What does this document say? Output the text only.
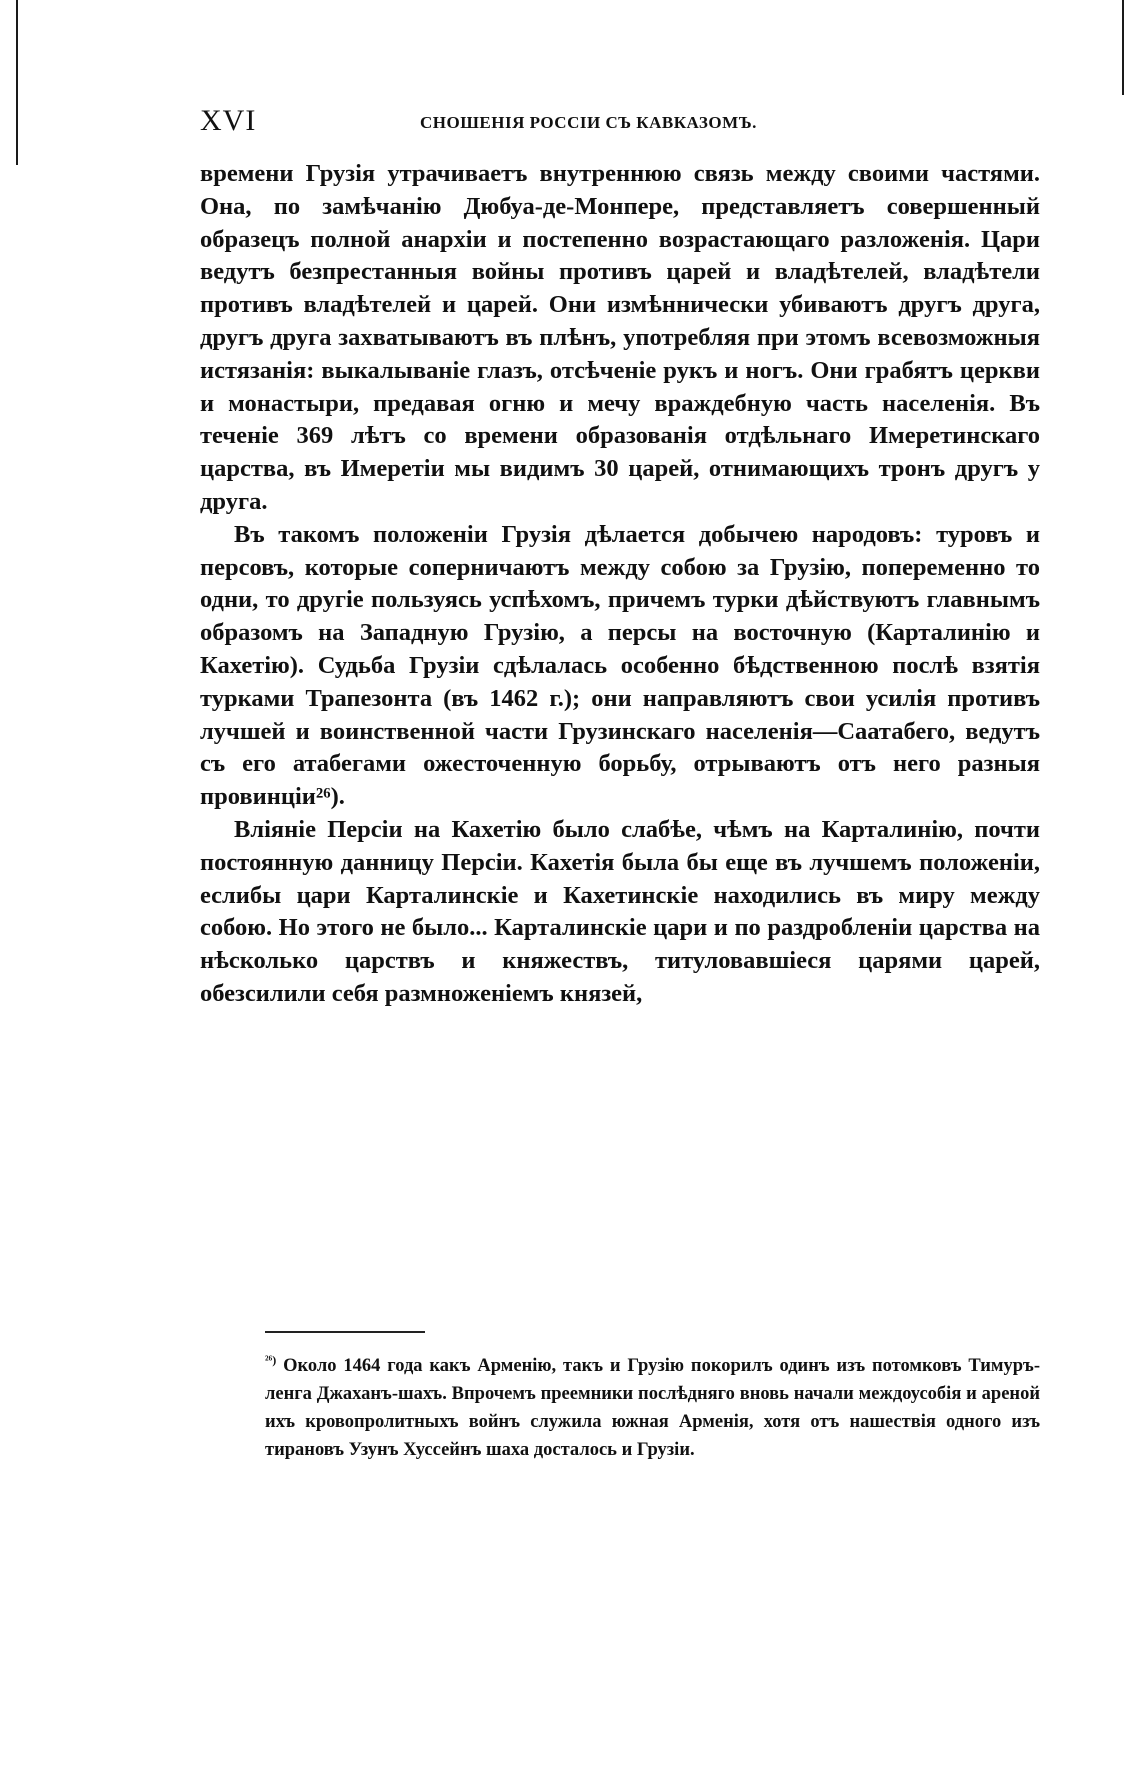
XVI	СНОШЕНІЯ РОССІИ СЪ КАВКАЗОМЪ.

времени Грузія утрачиваетъ внутреннюю связь между своими частями. Она, по замѣчанію Дюбуа-де-Монпере, представляетъ совершенный образецъ полной анархіи и постепенно возрастающаго разложенія. Цари ведутъ безпрестанныя войны противъ царей и владѣтелей, владѣтели противъ владѣтелей и царей. Они измѣннически убиваютъ другъ друга, другъ друга захватываютъ въ плѣнъ, употребляя при этомъ всевозможныя истязанія: выкалываніе глазъ, отсѣченіе рукъ и ногъ. Они грабятъ церкви и монастыри, предавая огню и мечу враждебную часть населенія. Въ теченіе 369 лѣтъ со времени образованія отдѣльнаго Имеретинскаго царства, въ Имеретіи мы видимъ 30 царей, отнимающихъ тронъ другъ у друга.

Въ такомъ положеніи Грузія дѣлается добычею народовъ: туровъ и персовъ, которые соперничаютъ между собою за Грузію, попеременно то одни, то другіе пользуясь успѣхомъ, причемъ турки дѣйствуютъ главнымъ образомъ на Западную Грузію, а персы на восточную (Карталинію и Кахетію). Судьба Грузіи сдѣлалась особенно бѣдственною послѣ взятія турками Трапезонта (въ 1462 г.); они направляютъ свои усилія противъ лучшей и воинственной части Грузинскаго населенія—Саатабего, ведутъ съ его атабегами ожесточенную борьбу, отрываютъ отъ него разныя провинціи²⁶).

Вліяніе Персіи на Кахетію было слабѣе, чѣмъ на Карталинію, почти постоянную данницу Персіи. Кахетія была бы еще въ лучшемъ положеніи, еслибы цари Карталинскіе и Кахетинскіе находились въ миру между собою. Но этого не было... Карталинскіе цари и по раздробленіи царства на нѣсколько царствъ и княжествъ, титуловавшіеся царями царей, обезсилили себя размноженіемъ князей,

$^{^{26})}$ Около 1464 года какъ Арменію, такъ и Грузію покорилъ одинъ изъ потомковъ Тимуръ-ленга Джаханъ-шахъ. Впрочемъ преемники послѣдняго вновь начали междоусобія и ареной ихъ кровопролитныхъ войнъ служила южная Арменія, хотя отъ нашествія одного изъ тирановъ Узунъ Хуссейнъ шаха досталось и Грузіи.
